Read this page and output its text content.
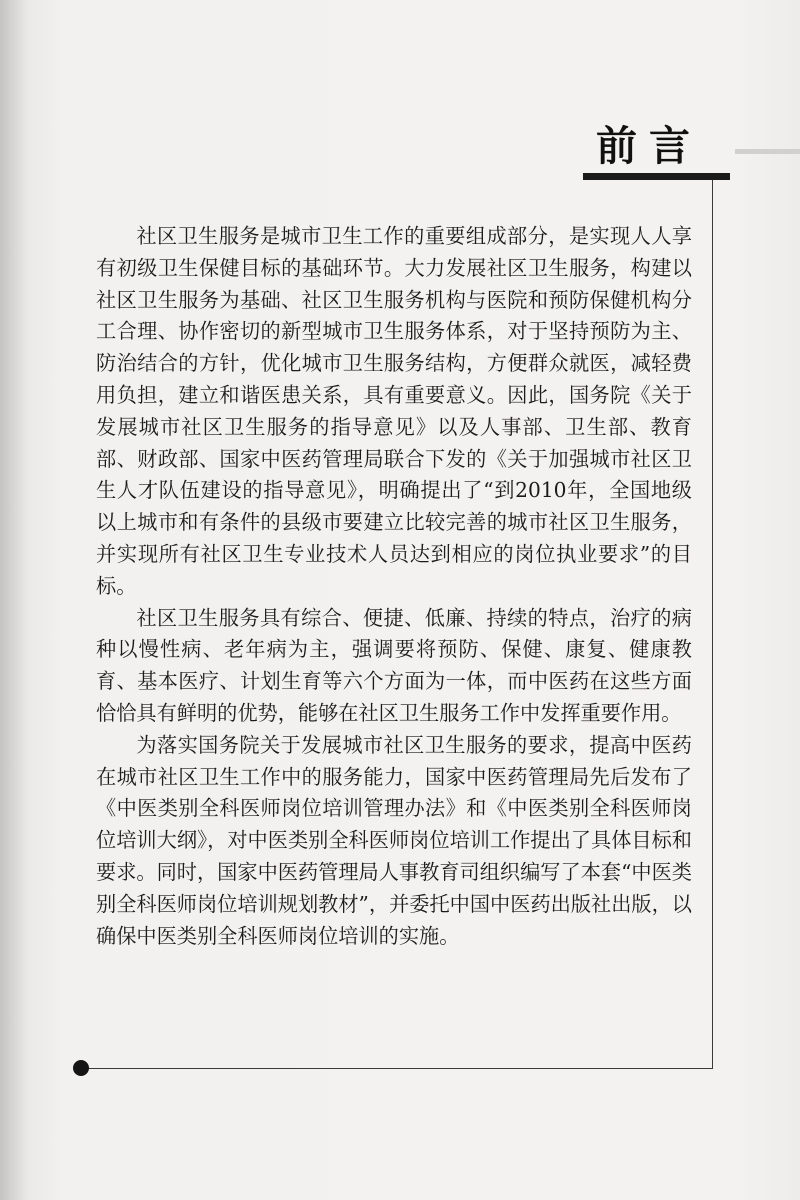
前言

社区卫生服务是城市卫生工作的重要组成部分，是实现人人享有初级卫生保健目标的基础环节。大力发展社区卫生服务，构建以社区卫生服务为基础、社区卫生服务机构与医院和预防保健机构分工合理、协作密切的新型城市卫生服务体系，对于坚持预防为主、防治结合的方针，优化城市卫生服务结构，方便群众就医，减轻费用负担，建立和谐医患关系，具有重要意义。因此，国务院《关于发展城市社区卫生服务的指导意见》以及人事部、卫生部、教育部、财政部、国家中医药管理局联合下发的《关于加强城市社区卫生人才队伍建设的指导意见》，明确提出了“到2010年，全国地级以上城市和有条件的县级市要建立比较完善的城市社区卫生服务，并实现所有社区卫生专业技术人员达到相应的岗位执业要求”的目标。

社区卫生服务具有综合、便捷、低廉、持续的特点，治疗的病种以慢性病、老年病为主，强调要将预防、保健、康复、健康教育、基本医疗、计划生育等六个方面为一体，而中医药在这些方面恰恰具有鲜明的优势，能够在社区卫生服务工作中发挥重要作用。

为落实国务院关于发展城市社区卫生服务的要求，提高中医药在城市社区卫生工作中的服务能力，国家中医药管理局先后发布了《中医类别全科医师岗位培训管理办法》和《中医类别全科医师岗位培训大纲》，对中医类别全科医师岗位培训工作提出了具体目标和要求。同时，国家中医药管理局人事教育司组织编写了本套“中医类别全科医师岗位培训规划教材”，并委托中国中医药出版社出版，以确保中医类别全科医师岗位培训的实施。
